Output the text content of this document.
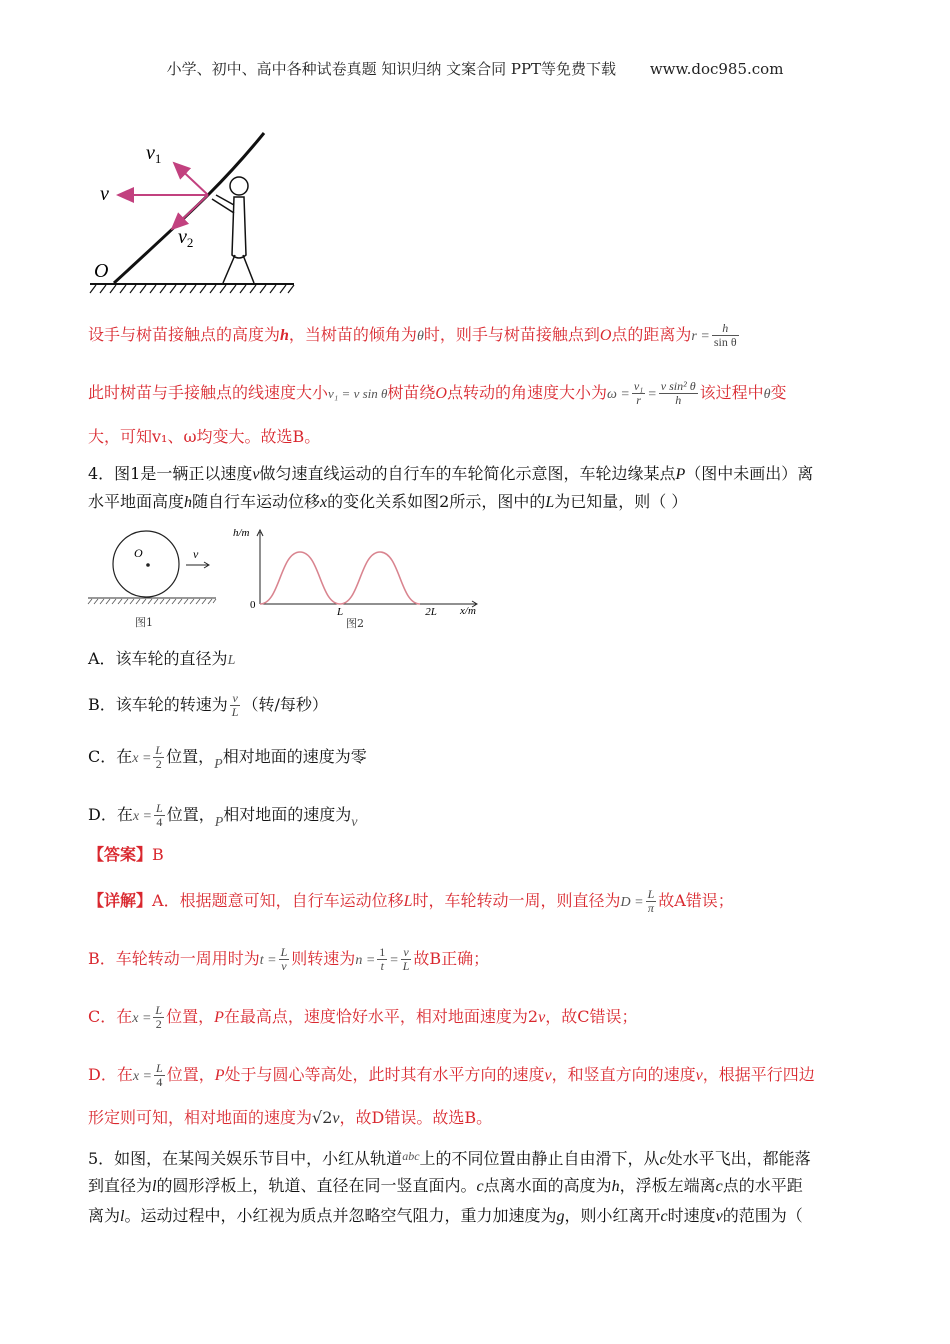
小学、初中、高中各种试卷真题 知识归纳 文案合同 PPT等免费下载 www.doc985.com
$v_1$
v
$v_2$
O
设手与树苗接触点的高度为h，当树苗的倾角为θ时，则手与树苗接触点到O点的距离为$r = \frac{h}{\text{sin θ}}$
此时树苗与手接触点的线速度大小v₁ = v sin θ树苗绕O点转动的角速度大小为$\omega = \frac{\text{v₁}}{r} = \frac{\text{v sin² θ}}{h}$ 该过程中θ变
大，可知v₁、ω均变大。故选B。
4．图1是一辆正以速度v做匀速直线运动的自行车的车轮简化示意图，车轮边缘某点P（图中未画出）离
水平地面高度h随自行车运动位移x的变化关系如图2所示，图中的L为已知量，则（ ）
O	v
图1
h/m
x/m
0
L	2L
图2
A．该车轮的直径为L
B．该车轮的转速为 $\frac{v}{L}$ （转/每秒）
C．在$x = \frac{L}{2}$ 位置，P相对地面的速度为零
D．在$x = \frac{L}{4}$ 位置，P相对地面的速度为v
【答案】B
【详解】A．根据题意可知，自行车运动位移L时，车轮转动一周，则直径为$D = \frac{L}{\pi}$ 故A错误；
B．车轮转动一周用时为$t = \frac{L}{v}$ 则转速为$n = \frac{1}{t} = \frac{v}{L}$ 故B正确；
C．在$x = \frac{L}{2}$ 位置，P在最高点，速度恰好水平，相对地面速度为2v，故C错误；
D．在$x = \frac{L}{4}$ 位置，P处于与圆心等高处，此时其有水平方向的速度v，和竖直方向的速度v，根据平行四边
形定则可知，相对地面的速度为√2v，故D错误。故选B。
5．如图，在某闯关娱乐节目中，小红从轨道$^{abc}$上的不同位置由静止自由滑下，从c处水平飞出，都能落
到直径为l的圆形浮板上，轨道、直径在同一竖直面内。c点离水面的高度为h，浮板左端离c点的水平距
离为l。运动过程中，小红视为质点并忽略空气阻力，重力加速度为g，则小红离开c时速度v的范围为（
